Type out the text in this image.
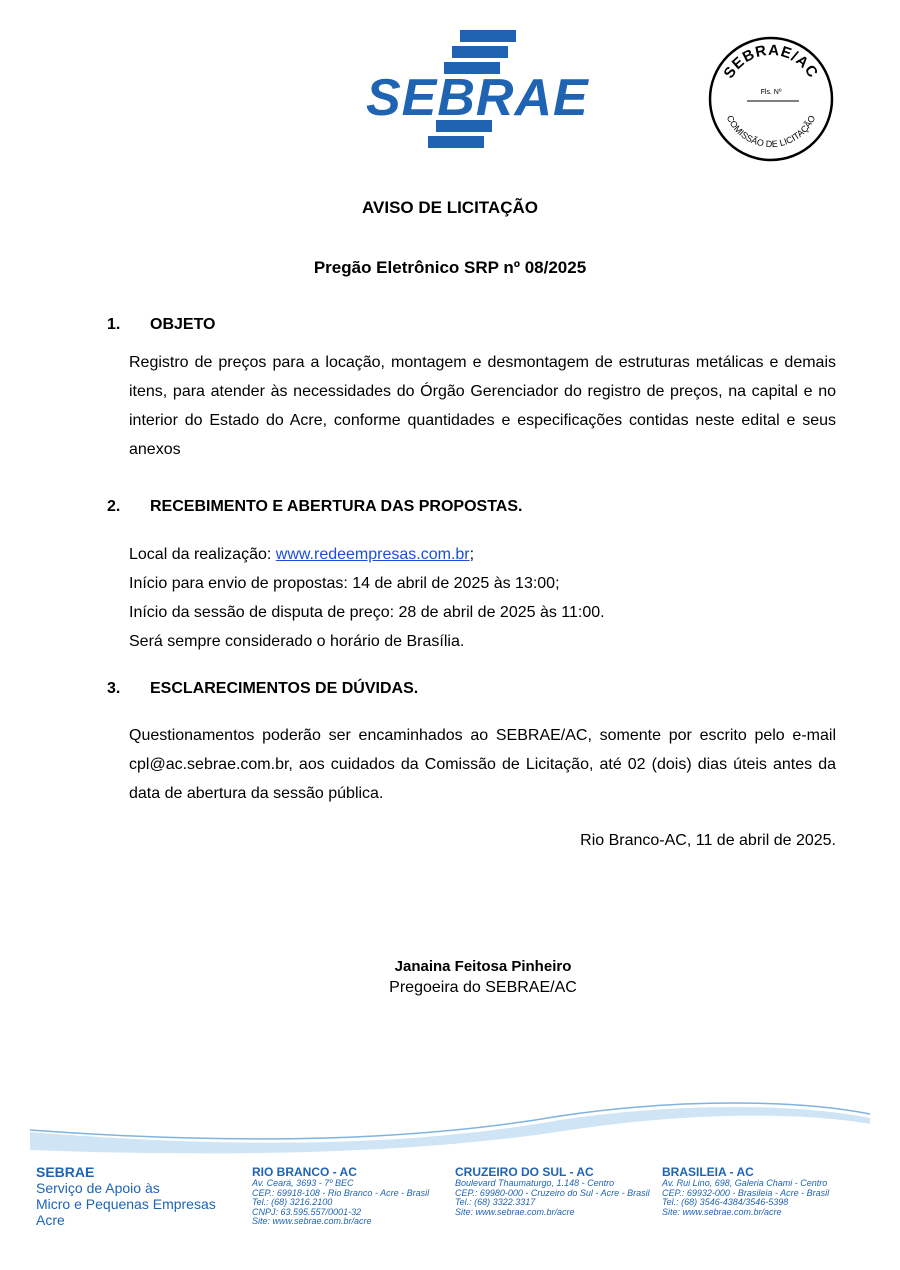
SEBRAE	SEBRAE/AC
Fls. Nº
COMISSÃO DE LICITAÇÃO
AVISO DE LICITAÇÃO
Pregão Eletrônico SRP nº 08/2025
1. OBJETO
Registro de preços para a locação, montagem e desmontagem de estruturas metálicas e demais itens, para atender às necessidades do Órgão Gerenciador do registro de preços, na capital e no interior do Estado do Acre, conforme quantidades e especificações contidas neste edital e seus anexos
2. RECEBIMENTO E ABERTURA DAS PROPOSTAS.
Local da realização: www.redeempresas.com.br;
Início para envio de propostas: 14 de abril de 2025 às 13:00;
Início da sessão de disputa de preço: 28 de abril de 2025 às 11:00.
Será sempre considerado o horário de Brasília.
3. ESCLARECIMENTOS DE DÚVIDAS.
Questionamentos poderão ser encaminhados ao SEBRAE/AC, somente por escrito pelo e-mail cpl@ac.sebrae.com.br, aos cuidados da Comissão de Licitação, até 02 (dois) dias úteis antes da data de abertura da sessão pública.
Rio Branco-AC, 11 de abril de 2025.
Janaina Feitosa Pinheiro
Pregoeira do SEBRAE/AC
SEBRAE
Serviço de Apoio às
Micro e Pequenas Empresas
Acre
RIO BRANCO - AC
Av. Ceará, 3693 - 7º BEC
CEP.: 69918-108 - Rio Branco - Acre - Brasil
Tel.: (68) 3216.2100
CNPJ: 63.595.557/0001-32
Site: www.sebrae.com.br/acre
CRUZEIRO DO SUL - AC
Boulevard Thaumaturgo, 1.148 - Centro
CEP.: 69980-000 - Cruzeiro do Sul - Acre - Brasil
Tel.: (68) 3322.3317
Site: www.sebrae.com.br/acre
BRASILEIA - AC
Av. Rui Lino, 698, Galeria Chami - Centro
CEP.: 69932-000 - Brasileia - Acre - Brasil
Tel.: (68) 3546-4384/3546-5398
Site: www.sebrae.com.br/acre
